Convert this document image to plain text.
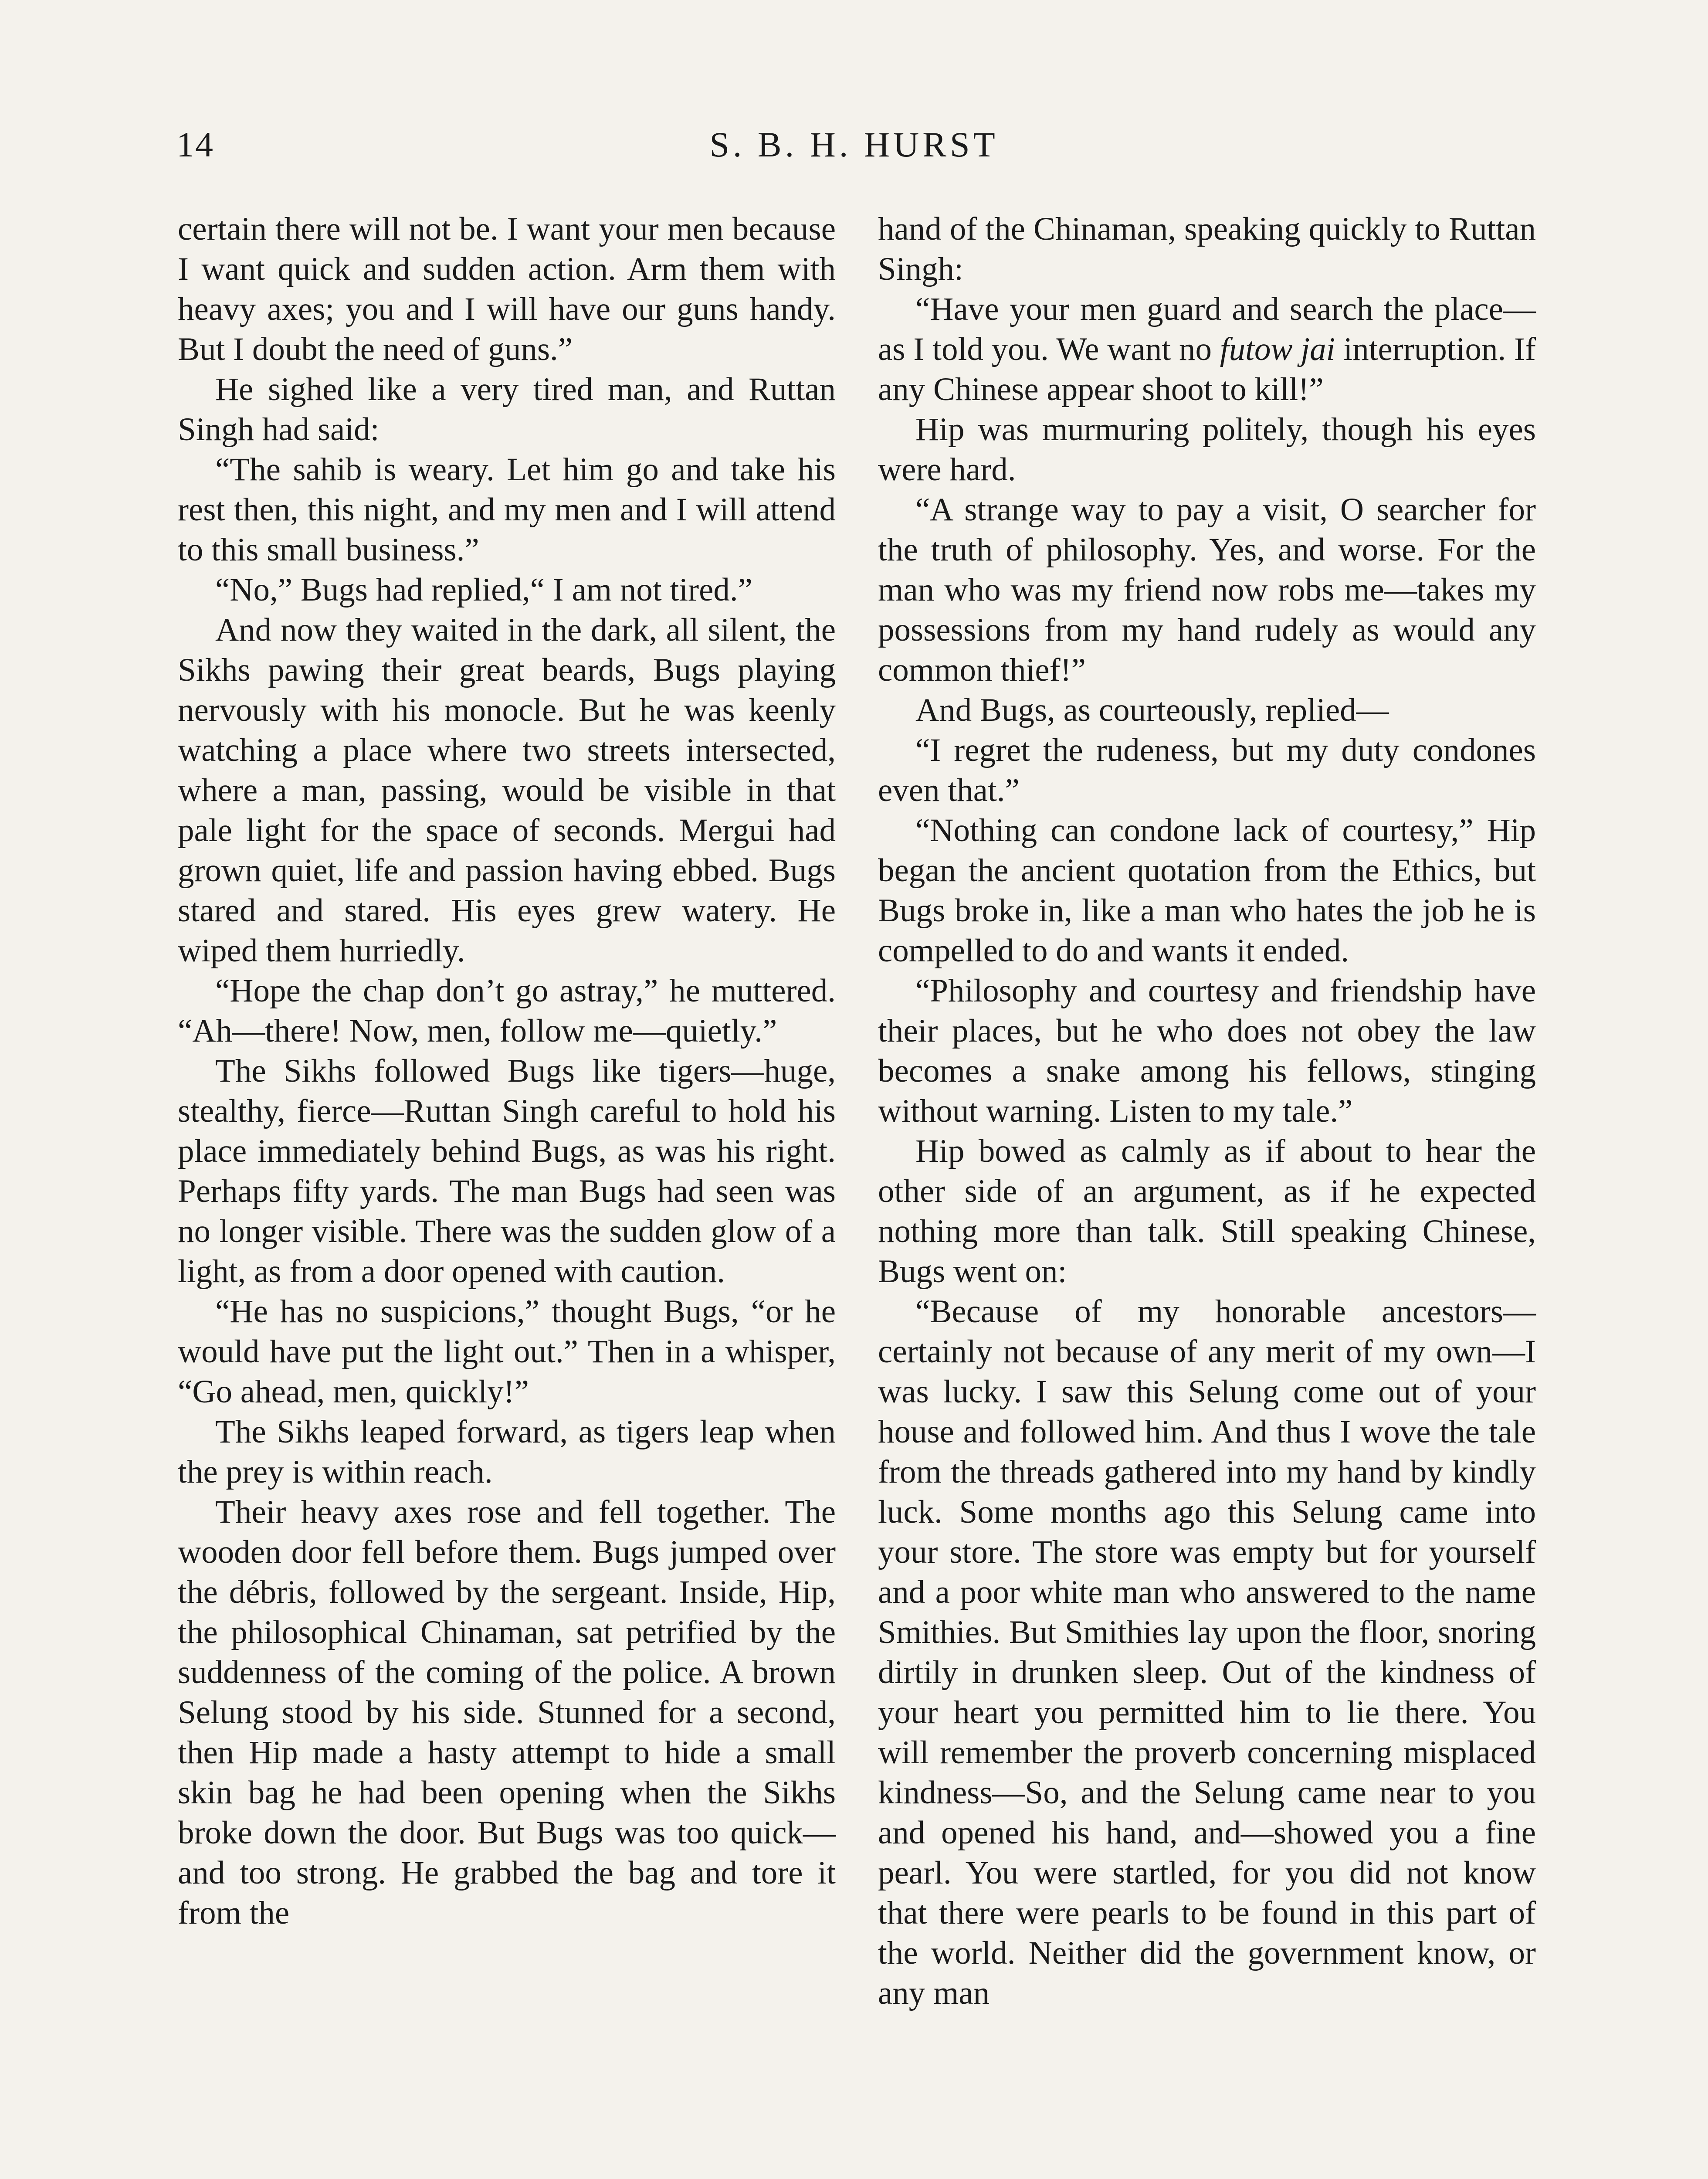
14	S. B. H. HURST

certain there will not be. I want your men because I want quick and sudden action. Arm them with heavy axes; you and I will have our guns handy. But I doubt the need of guns.”

He sighed like a very tired man, and Ruttan Singh had said:

“The sahib is weary. Let him go and take his rest then, this night, and my men and I will attend to this small business.”

“No,” Bugs had replied,“ I am not tired.”

And now they waited in the dark, all silent, the Sikhs pawing their great beards, Bugs playing nervously with his monocle. But he was keenly watching a place where two streets intersected, where a man, passing, would be visible in that pale light for the space of seconds. Mergui had grown quiet, life and passion having ebbed. Bugs stared and stared. His eyes grew watery. He wiped them hurriedly.

“Hope the chap don’t go astray,” he muttered. “Ah—there! Now, men, follow me—quietly.”

The Sikhs followed Bugs like tigers—huge, stealthy, fierce—Ruttan Singh careful to hold his place immediately behind Bugs, as was his right. Perhaps fifty yards. The man Bugs had seen was no longer visible. There was the sudden glow of a light, as from a door opened with caution.

“He has no suspicions,” thought Bugs, “or he would have put the light out.” Then in a whisper, “Go ahead, men, quickly!”

The Sikhs leaped forward, as tigers leap when the prey is within reach.

Their heavy axes rose and fell together. The wooden door fell before them. Bugs jumped over the débris, followed by the sergeant. Inside, Hip, the philosophical Chinaman, sat petrified by the suddenness of the coming of the police. A brown Selung stood by his side. Stunned for a second, then Hip made a hasty attempt to hide a small skin bag he had been opening when the Sikhs broke down the door. But Bugs was too quick—and too strong. He grabbed the bag and tore it from the

hand of the Chinaman, speaking quickly to Ruttan Singh:

“Have your men guard and search the place—as I told you. We want no futow jai interruption. If any Chinese appear shoot to kill!”

Hip was murmuring politely, though his eyes were hard.

“A strange way to pay a visit, O searcher for the truth of philosophy. Yes, and worse. For the man who was my friend now robs me—takes my possessions from my hand rudely as would any common thief!”

And Bugs, as courteously, replied—

“I regret the rudeness, but my duty condones even that.”

“Nothing can condone lack of courtesy,” Hip began the ancient quotation from the Ethics, but Bugs broke in, like a man who hates the job he is compelled to do and wants it ended.

“Philosophy and courtesy and friendship have their places, but he who does not obey the law becomes a snake among his fellows, stinging without warning. Listen to my tale.”

Hip bowed as calmly as if about to hear the other side of an argument, as if he expected nothing more than talk. Still speaking Chinese, Bugs went on:

“Because of my honorable ancestors—certainly not because of any merit of my own—I was lucky. I saw this Selung come out of your house and followed him. And thus I wove the tale from the threads gathered into my hand by kindly luck. Some months ago this Selung came into your store. The store was empty but for yourself and a poor white man who answered to the name Smithies. But Smithies lay upon the floor, snoring dirtily in drunken sleep. Out of the kindness of your heart you permitted him to lie there. You will remember the proverb concerning misplaced kindness—So, and the Selung came near to you and opened his hand, and—showed you a fine pearl. You were startled, for you did not know that there were pearls to be found in this part of the world. Neither did the government know, or any man
